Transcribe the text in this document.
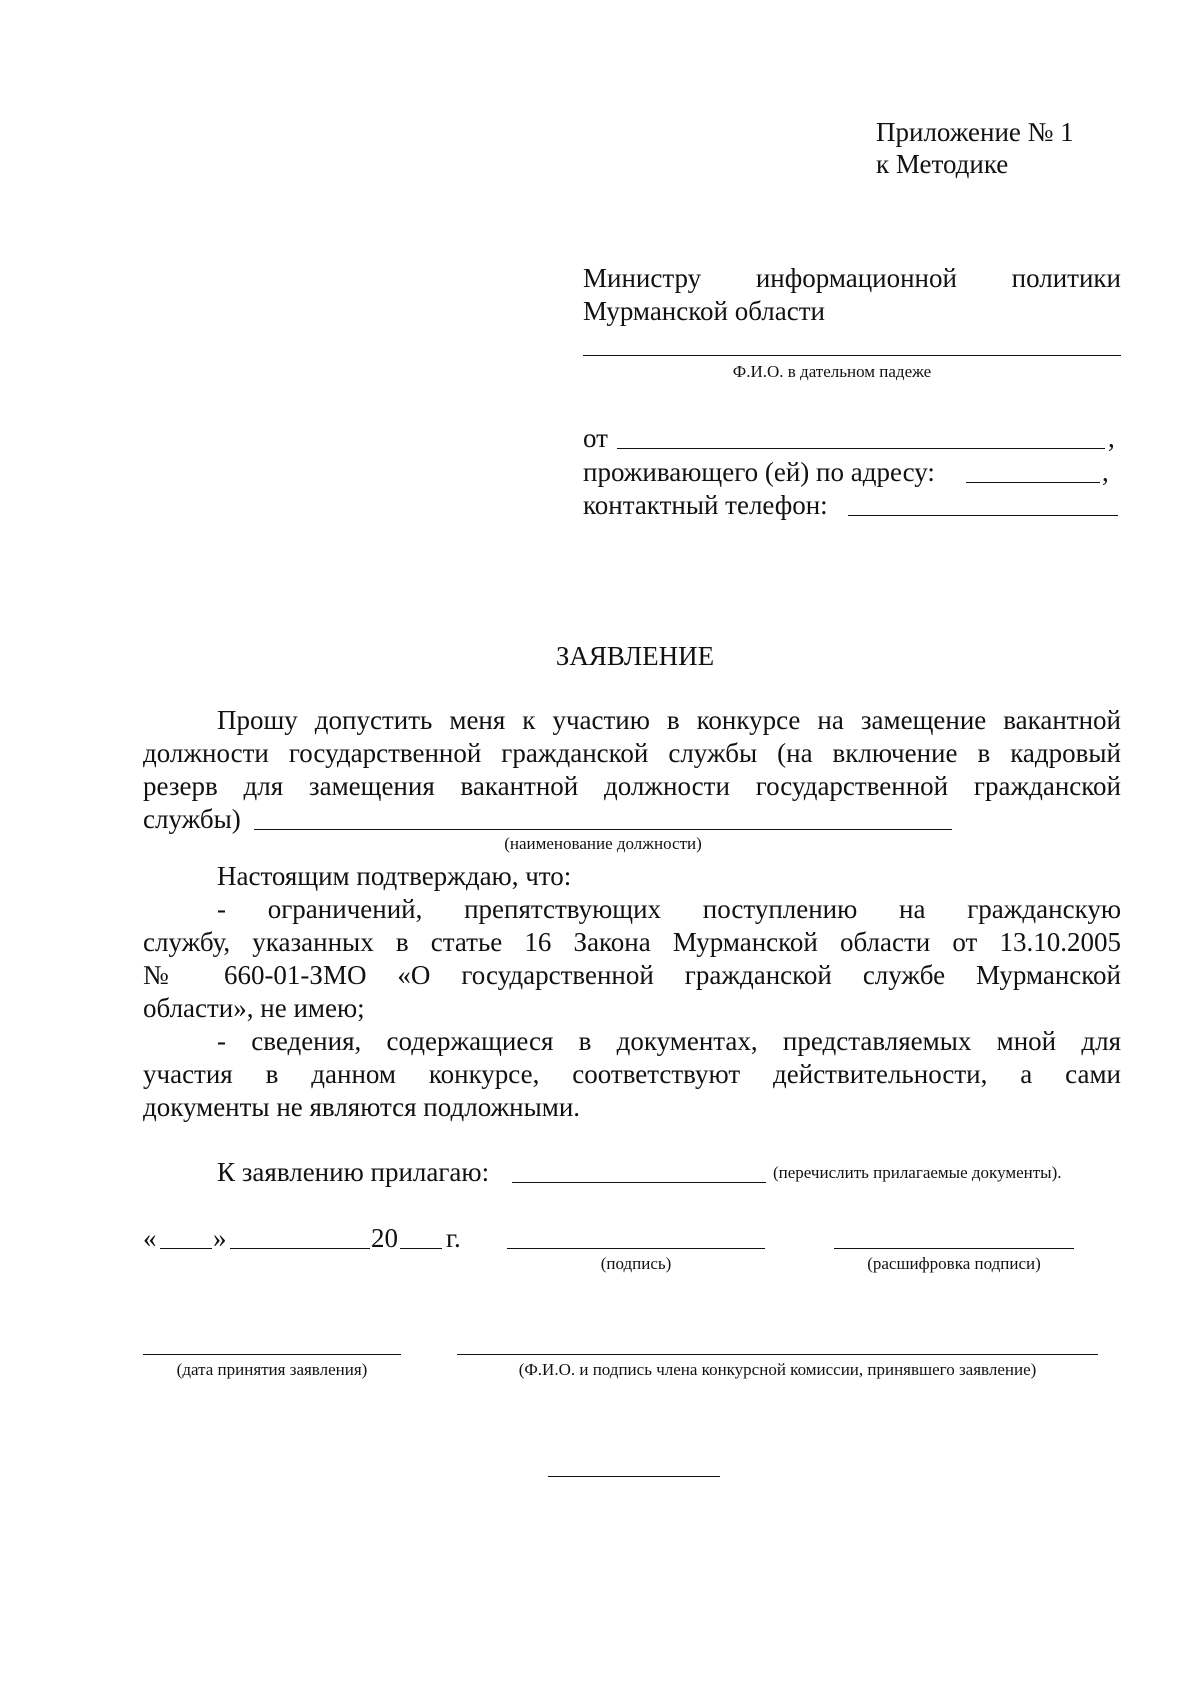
Приложение № 1
к Методике
Министру информационной политики
Мурманской области
Ф.И.О. в дательном падеже
от	,
проживающего (ей) по адресу:	,
контактный телефон:
ЗАЯВЛЕНИЕ
Прошу допустить меня к участию в конкурсе на замещение вакантной
должности государственной гражданской службы (на включение в кадровый
резерв для замещения вакантной должности государственной гражданской
службы)
(наименование должности)
Настоящим подтверждаю, что:
- ограничений, препятствующих поступлению на гражданскую
службу, указанных в статье 16 Закона Мурманской области от 13.10.2005
№ 660-01-ЗМО «О государственной гражданской службе Мурманской
области», не имею;
- сведения, содержащиеся в документах, представляемых мной для
участия в данном конкурсе, соответствуют действительности, а сами
документы не являются подложными.
К заявлению прилагаю:	(перечислить прилагаемые документы).
« »	20 г.
(подпись)	(расшифровка подписи)
(дата принятия заявления)	(Ф.И.О. и подпись члена конкурсной комиссии, принявшего заявление)
